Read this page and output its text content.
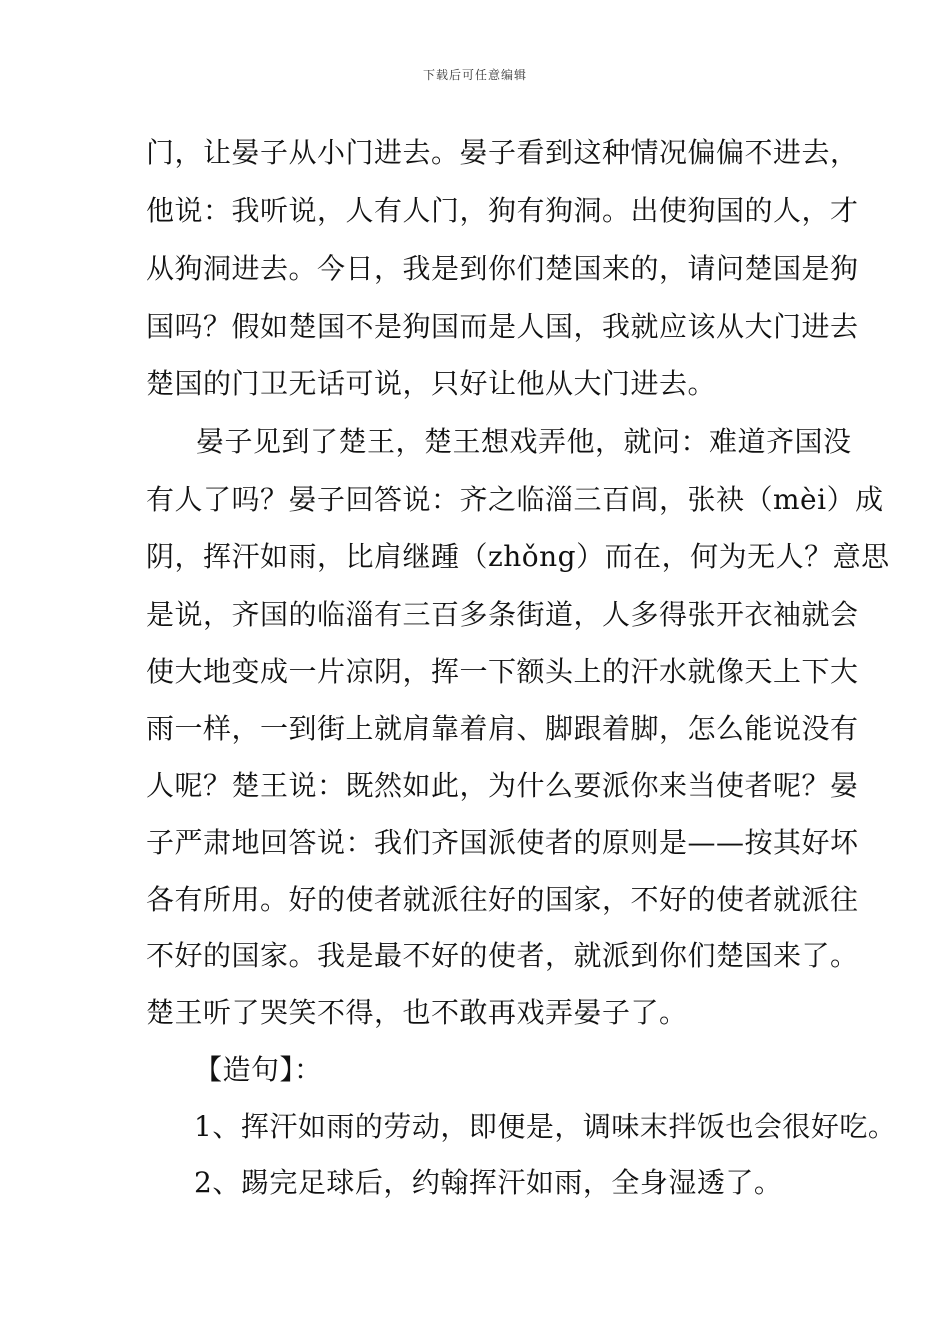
下载后可任意编辑
门，让晏子从小门进去。晏子看到这种情况偏偏不进去，
他说：我听说，人有人门，狗有狗洞。出使狗国的人，才
从狗洞进去。今日，我是到你们楚国来的，请问楚国是狗
国吗？假如楚国不是狗国而是人国，我就应该从大门进去
楚国的门卫无话可说，只好让他从大门进去。
晏子见到了楚王，楚王想戏弄他，就问：难道齐国没
有人了吗？晏子回答说：齐之临淄三百闾，张袂（mèi）成
阴，挥汗如雨，比肩继踵（zhǒng）而在，何为无人？意思
是说，齐国的临淄有三百多条街道，人多得张开衣袖就会
使大地变成一片凉阴，挥一下额头上的汗水就像天上下大
雨一样，一到街上就肩靠着肩、脚跟着脚，怎么能说没有
人呢？楚王说：既然如此，为什么要派你来当使者呢？晏
子严肃地回答说：我们齐国派使者的原则是——按其好坏
各有所用。好的使者就派往好的国家，不好的使者就派往
不好的国家。我是最不好的使者，就派到你们楚国来了。
楚王听了哭笑不得，也不敢再戏弄晏子了。
【造句】：
1、挥汗如雨的劳动，即便是，调味末拌饭也会很好吃。
2、踢完足球后，约翰挥汗如雨，全身湿透了。
